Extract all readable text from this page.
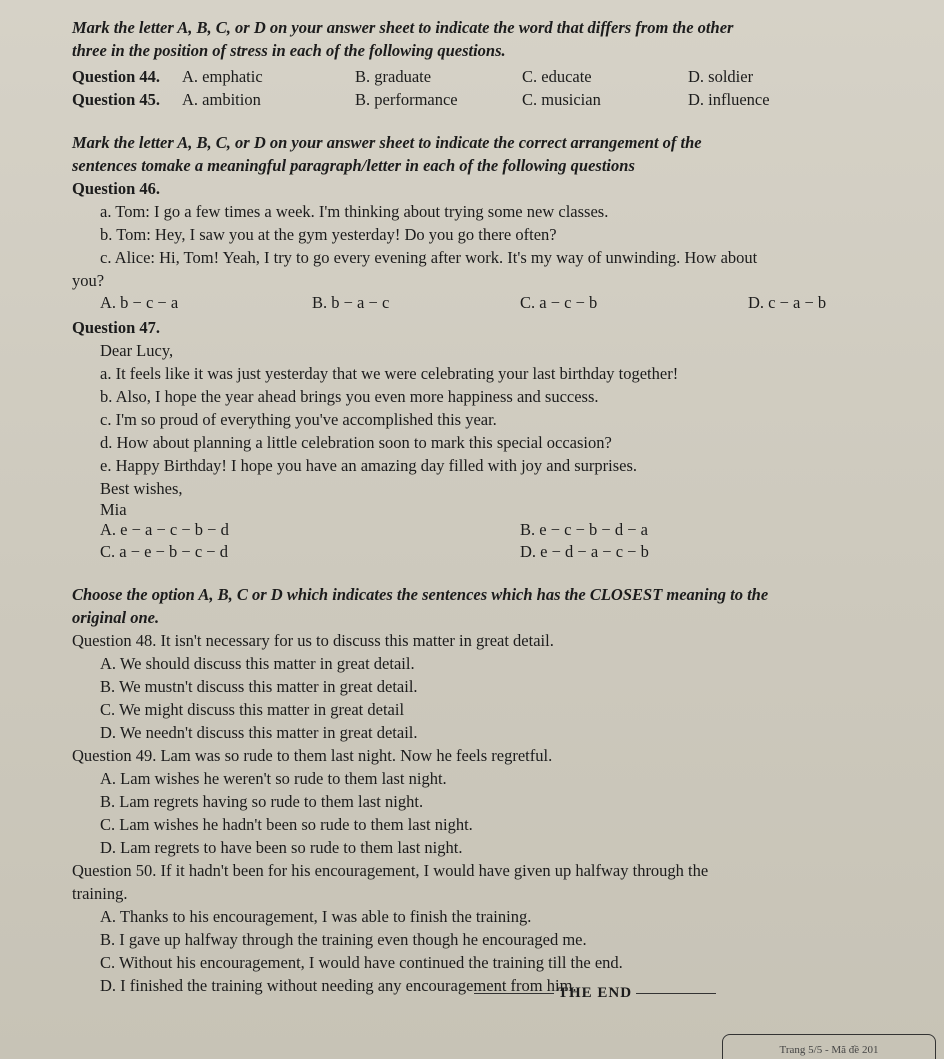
Mark the letter A, B, C, or D on your answer sheet to indicate the word that differs from the other
three in the position of stress in each of the following questions.
Question 44. A. emphatic	B. graduate	C. educate	D. soldier
Question 45. A. ambition	B. performance	C. musician	D. influence
Mark the letter A, B, C, or D on your answer sheet to indicate the correct arrangement of the
sentences tomake a meaningful paragraph/letter in each of the following questions
Question 46.
a. Tom: I go a few times a week. I'm thinking about trying some new classes.
b. Tom: Hey, I saw you at the gym yesterday! Do you go there often?
c. Alice: Hi, Tom! Yeah, I try to go every evening after work. It's my way of unwinding. How about
you?
A. b − c − a	B. b − a − c	C. a − c − b	D. c − a − b
Question 47.
Dear Lucy,
a. It feels like it was just yesterday that we were celebrating your last birthday together!
b. Also, I hope the year ahead brings you even more happiness and success.
c. I'm so proud of everything you've accomplished this year.
d. How about planning a little celebration soon to mark this special occasion?
e. Happy Birthday! I hope you have an amazing day filled with joy and surprises.
Best wishes,
Mia
A. e − a − c − b − d	B. e − c − b − d − a
C. a − e − b − c − d	D. e − d − a − c − b
Choose the option A, B, C or D which indicates the sentences which has the CLOSEST meaning to the
original one.
Question 48. It isn't necessary for us to discuss this matter in great detail.
A. We should discuss this matter in great detail.
B. We mustn't discuss this matter in great detail.
C. We might discuss this matter in great detail
D. We needn't discuss this matter in great detail.
Question 49. Lam was so rude to them last night. Now he feels regretful.
A. Lam wishes he weren't so rude to them last night.
B. Lam regrets having so rude to them last night.
C. Lam wishes he hadn't been so rude to them last night.
D. Lam regrets to have been so rude to them last night.
Question 50. If it hadn't been for his encouragement, I would have given up halfway through the
training.
A. Thanks to his encouragement, I was able to finish the training.
B. I gave up halfway through the training even though he encouraged me.
C. Without his encouragement, I would have continued the training till the end.
D. I finished the training without needing any encouragement from him.
THE END
Trang 5/5 - Mã đề 201
